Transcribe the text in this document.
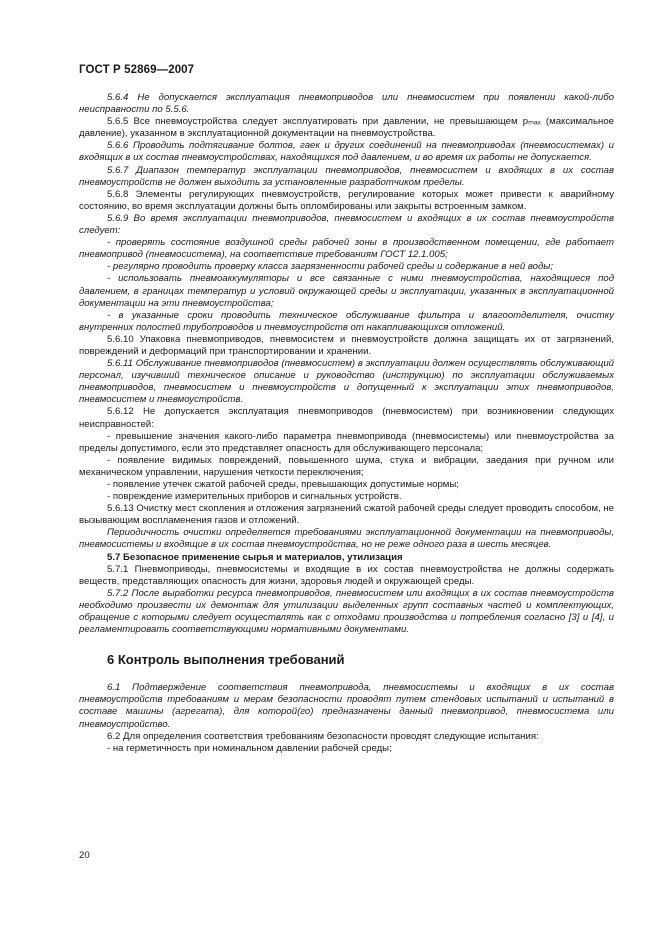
ГОСТ Р 52869—2007

5.6.4 Не допускается эксплуатация пневмоприводов или пневмосистем при появлении какой-либо неисправности по 5.5.6.

5.6.5 Все пневмоустройства следует эксплуатировать при давлении, не превышающем pₘₐₓ (максимальное давление), указанном в эксплуатационной документации на пневмоустройства.

5.6.6 Проводить подтягивание болтов, гаек и других соединений на пневмоприводах (пневмосистемах) и входящих в их состав пневмоустройствах, находящихся под давлением, и во время их работы не допускается.

5.6.7 Диапазон температур эксплуатации пневмоприводов, пневмосистем и входящих в их состав пневмоустройств не должен выходить за установленные разработчиком пределы.

5.6.8 Элементы регулирующих пневмоустройств, регулирование которых может привести к аварийному состоянию, во время эксплуатации должны быть опломбированы или закрыты встроенным замком.

5.6.9 Во время эксплуатации пневмоприводов, пневмосистем и входящих в их состав пневмоустройств следует:

- проверять состояние воздушной среды рабочей зоны в производственном помещении, где работает пневмопривод (пневмосистема), на соответствие требованиям ГОСТ 12.1.005;

- регулярно проводить проверку класса загрязненности рабочей среды и содержание в ней воды;

- использовать пневмоаккумуляторы и все связанные с ними пневмоустройства, находящиеся под давлением, в границах температур и условий окружающей среды и эксплуатации, указанных в эксплуатационной документации на эти пневмоустройства;

- в указанные сроки проводить техническое обслуживание фильтра и влагоотделителя, очистку внутренних полостей трубопроводов и пневмоустройств от накапливающихся отложений.

5.6.10 Упаковка пневмоприводов, пневмосистем и пневмоустройств должна защищать их от загрязнений, повреждений и деформаций при транспортировании и хранении.

5.6.11 Обслуживание пневмоприводов (пневмосистем) в эксплуатации должен осуществлять обслуживающий персонал, изучивший техническое описание и руководство (инструкцию) по эксплуатации обслуживаемых пневмоприводов, пневмосистем и пневмоустройств и допущенный к эксплуатации этих пневмоприводов, пневмосистем и пневмоустройств.

5.6.12 Не допускается эксплуатация пневмоприводов (пневмосистем) при возникновении следующих неисправностей:

- превышение значения какого-либо параметра пневмопривода (пневмосистемы) или пневмоустройства за пределы допустимого, если это представляет опасность для обслуживающего персонала;

- появление видимых повреждений, повышенного шума, стука и вибрации, заедания при ручном или механическом управлении, нарушения четкости переключения;

- появление утечек сжатой рабочей среды, превышающих допустимые нормы;

- повреждение измерительных приборов и сигнальных устройств.

5.6.13 Очистку мест скопления и отложения загрязнений сжатой рабочей среды следует проводить способом, не вызывающим воспламенения газов и отложений.

Периодичность очистки определяется требованиями эксплуатационной документации на пневмоприводы, пневмосистемы и входящие в их состав пневмоустройства, но не реже одного раза в шесть месяцев.

5.7 Безопасное применение сырья и материалов, утилизация

5.7.1 Пневмоприводы, пневмосистемы и входящие в их состав пневмоустройства не должны содержать веществ, представляющих опасность для жизни, здоровья людей и окружающей среды.

5.7.2 После выработки ресурса пневмоприводов, пневмосистем или входящих в их состав пневмоустройств необходимо произвести их демонтаж для утилизации выделенных групп составных частей и комплектующих, обращение с которыми следует осуществлять как с отходами производства и потребления согласно [3] и [4], и регламентировать соответствующими нормативными документами.

6 Контроль выполнения требований

6.1 Подтверждение соответствия пневмопривода, пневмосистемы и входящих в их состав пневмоустройств требованиям и мерам безопасности проводят путем стендовых испытаний и испытаний в составе машины (агрегата), для которой(го) предназначены данный пневмопривод, пневмосистема или пневмоустройство.

6.2 Для определения соответствия требованиям безопасности проводят следующие испытания:

- на герметичность при номинальном давлении рабочей среды;

20
